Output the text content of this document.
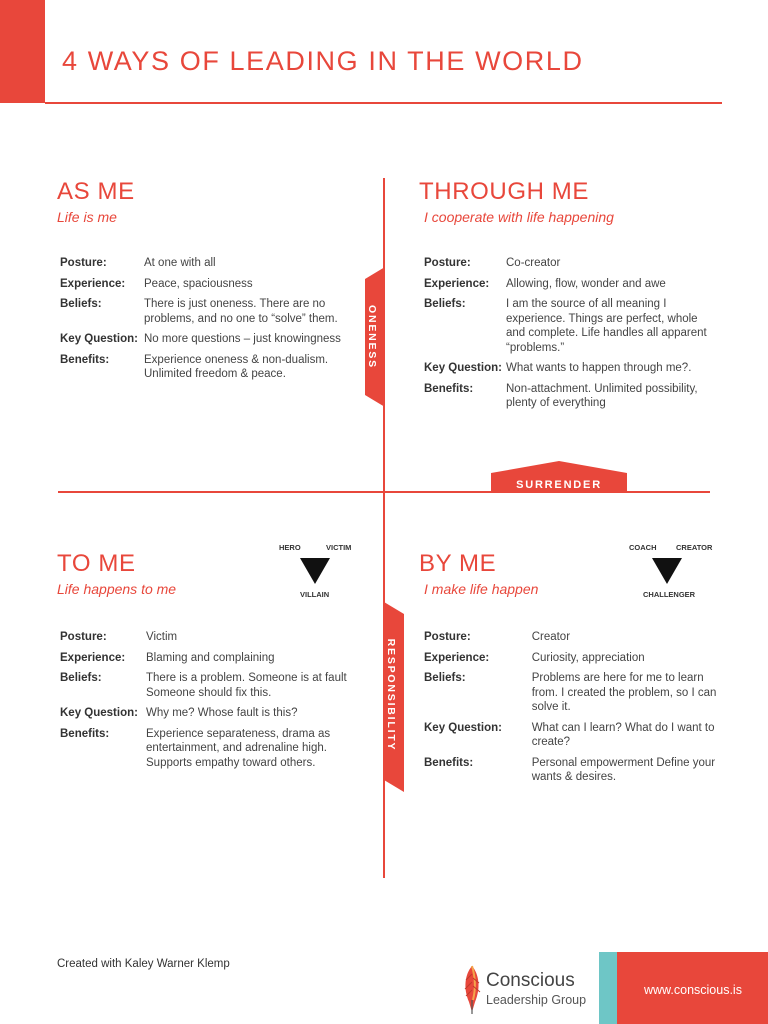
4 WAYS OF LEADING IN THE WORLD
ONENESS
SURRENDER
RESPONSIBILITY
AS ME
Life is me
Posture:	At one with all
Experience:	Peace, spaciousness
Beliefs:	There is just oneness. There are no problems, and no one to “solve” them.
Key Question:	No more questions – just knowingness
Benefits:	Experience oneness & non-dualism. Unlimited freedom & peace.
THROUGH ME
I cooperate with life happening
Posture:	Co-creator
Experience:	Allowing, flow, wonder and awe
Beliefs:	I am the source of all meaning I experience. Things are perfect, whole and complete. Life handles all apparent “problems.”
Key Question:	What wants to happen through me?.
Benefits:	Non-attachment. Unlimited possibility, plenty of everything
TO ME
Life happens to me
Posture:	Victim
Experience:	Blaming and complaining
Beliefs:	There is a problem. Someone is at fault Someone should fix this.
Key Question:	Why me? Whose fault is this?
Benefits:	Experience separateness, drama as entertainment, and adrenaline high. Supports empathy toward others.
HERO	VICTIM
VILLAIN
BY ME
I make life happen
Posture:	Creator
Experience:	Curiosity, appreciation
Beliefs:	Problems are here for me to learn from. I created the problem, so I can solve it.
Key Question:	What can I learn? What do I want to create?
Benefits:	Personal empowerment Define your wants & desires.
COACH	CREATOR
CHALLENGER
Created with Kaley Warner Klemp
Conscious
Leadership Group
www.conscious.is
